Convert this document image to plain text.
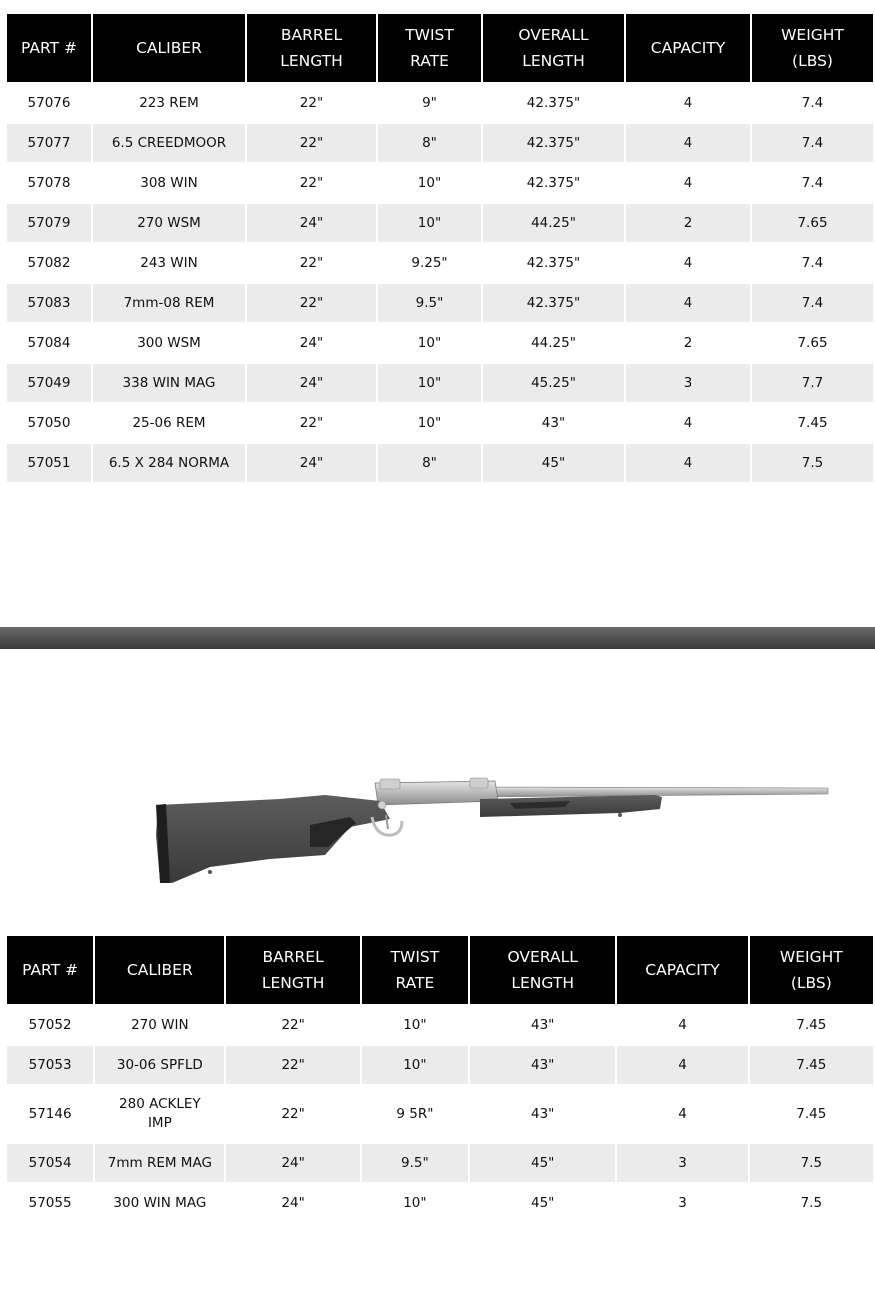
PART #	CALIBER	BARREL
LENGTH	TWIST
RATE	OVERALL
LENGTH	CAPACITY	WEIGHT
(LBS)
57076	223 REM	22"	9"	42.375"	4	7.4
57077	6.5 CREEDMOOR	22"	8"	42.375"	4	7.4
57078	308 WIN	22"	10"	42.375"	4	7.4
57079	270 WSM	24"	10"	44.25"	2	7.65
57082	243 WIN	22"	9.25"	42.375"	4	7.4
57083	7mm-08 REM	22"	9.5"	42.375"	4	7.4
57084	300 WSM	24"	10"	44.25"	2	7.65
57049	338 WIN MAG	24"	10"	45.25"	3	7.7
57050	25-06 REM	22"	10"	43"	4	7.45
57051	6.5 X 284 NORMA	24"	8"	45"	4	7.5
PART #	CALIBER	BARREL
LENGTH	TWIST
RATE	OVERALL
LENGTH	CAPACITY	WEIGHT
(LBS)
57052	270 WIN	22"	10"	43"	4	7.45
57053	30-06 SPFLD	22"	10"	43"	4	7.45
57146	280 ACKLEY
IMP	22"	9 5R"	43"	4	7.45
57054	7mm REM MAG	24"	9.5"	45"	3	7.5
57055	300 WIN MAG	24"	10"	45"	3	7.5
